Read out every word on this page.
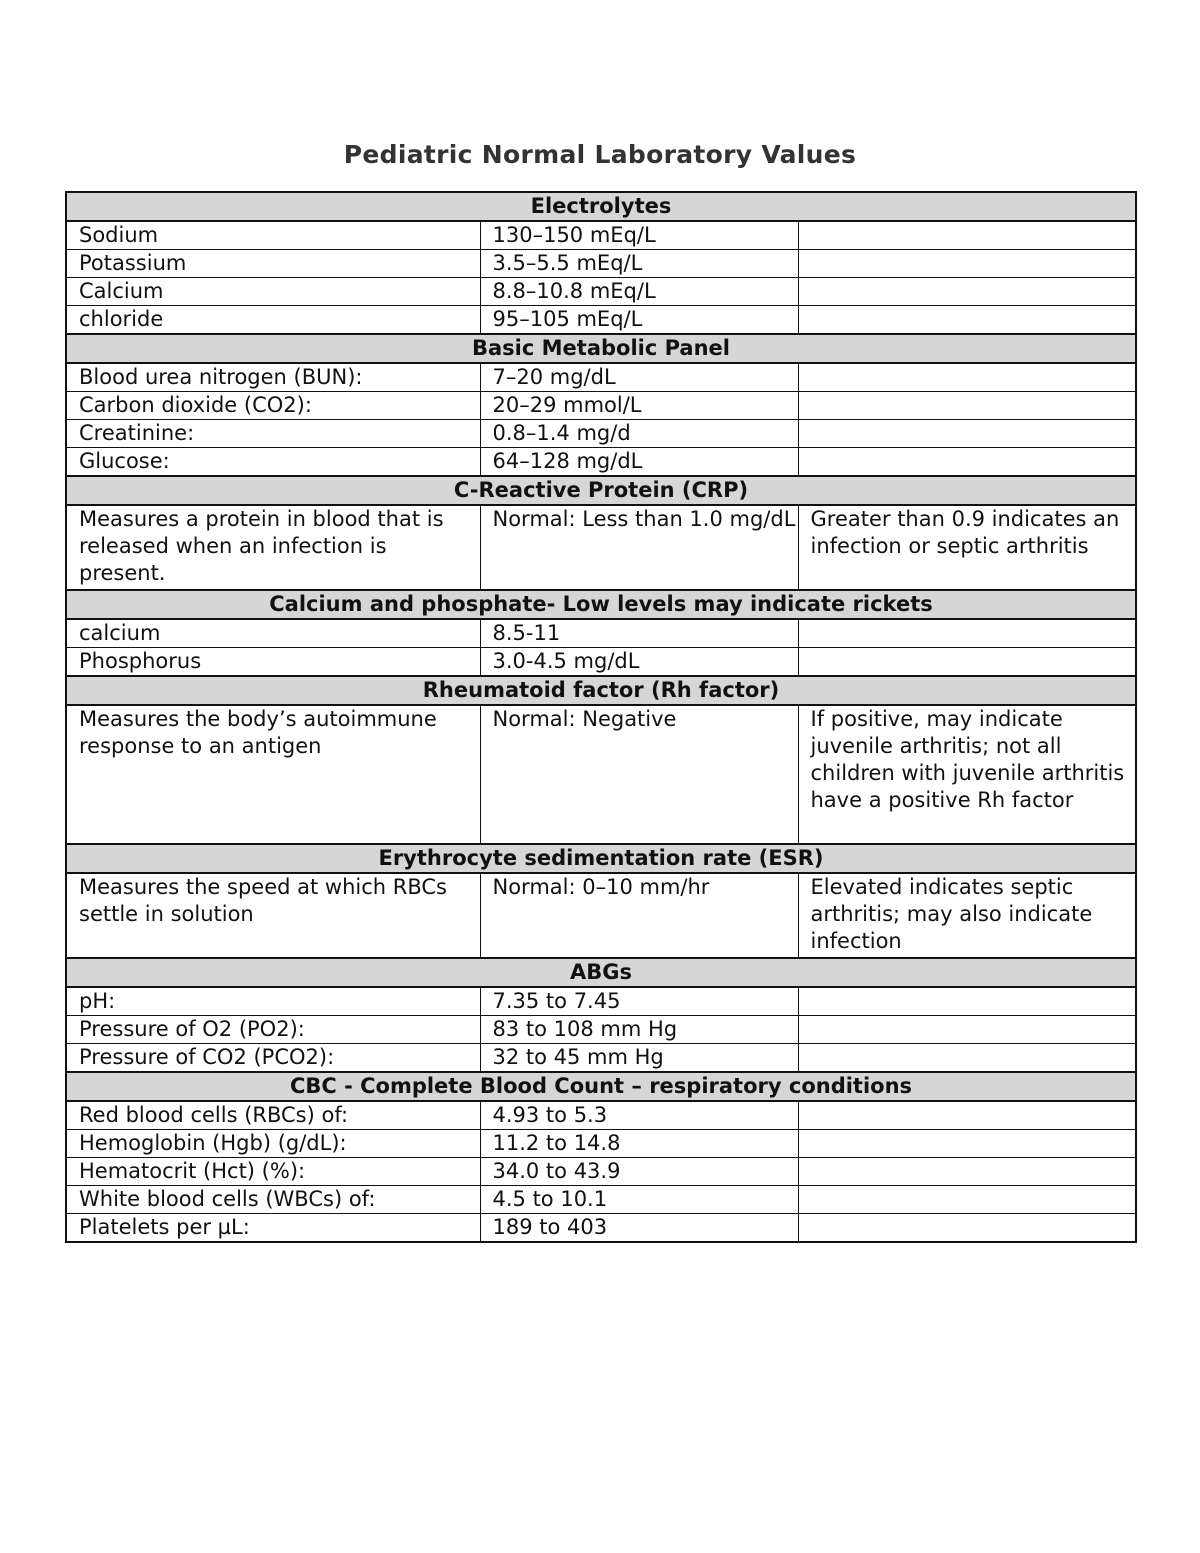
Pediatric Normal Laboratory Values
Electrolytes		
Sodium	130–150 mEq/L	
Potassium	3.5–5.5 mEq/L	
Calcium	8.8–10.8 mEq/L	
chloride	95–105 mEq/L	
Basic Metabolic Panel		
Blood urea nitrogen (BUN):	7–20 mg/dL	
Carbon dioxide (CO2):	20–29 mmol/L	
Creatinine:	0.8–1.4 mg/d	
Glucose:	64–128 mg/dL	
C-Reactive Protein (CRP)		
Measures a protein in blood that is released when an infection is present.	Normal: Less than 1.0 mg/dL	Greater than 0.9 indicates an infection or septic arthritis
Calcium and phosphate- Low levels may indicate rickets		
calcium	8.5-11	
Phosphorus	3.0-4.5 mg/dL	
Rheumatoid factor (Rh factor)		
Measures the body’s autoimmune response to an antigen	Normal: Negative	If positive, may indicate juvenile arthritis; not all children with juvenile arthritis have a positive Rh factor
Erythrocyte sedimentation rate (ESR)		
Measures the speed at which RBCs settle in solution	Normal: 0–10 mm/hr	Elevated indicates septic arthritis; may also indicate infection
ABGs		
pH:	7.35 to 7.45	
Pressure of O2 (PO2):	83 to 108 mm Hg	
Pressure of CO2 (PCO2):	32 to 45 mm Hg	
CBC - Complete Blood Count – respiratory conditions		
Red blood cells (RBCs) of:	4.93 to 5.3	
Hemoglobin (Hgb) (g/dL):	11.2 to 14.8	
Hematocrit (Hct) (%):	34.0 to 43.9	
White blood cells (WBCs) of:	4.5 to 10.1	
Platelets per µL:	189 to 403	
